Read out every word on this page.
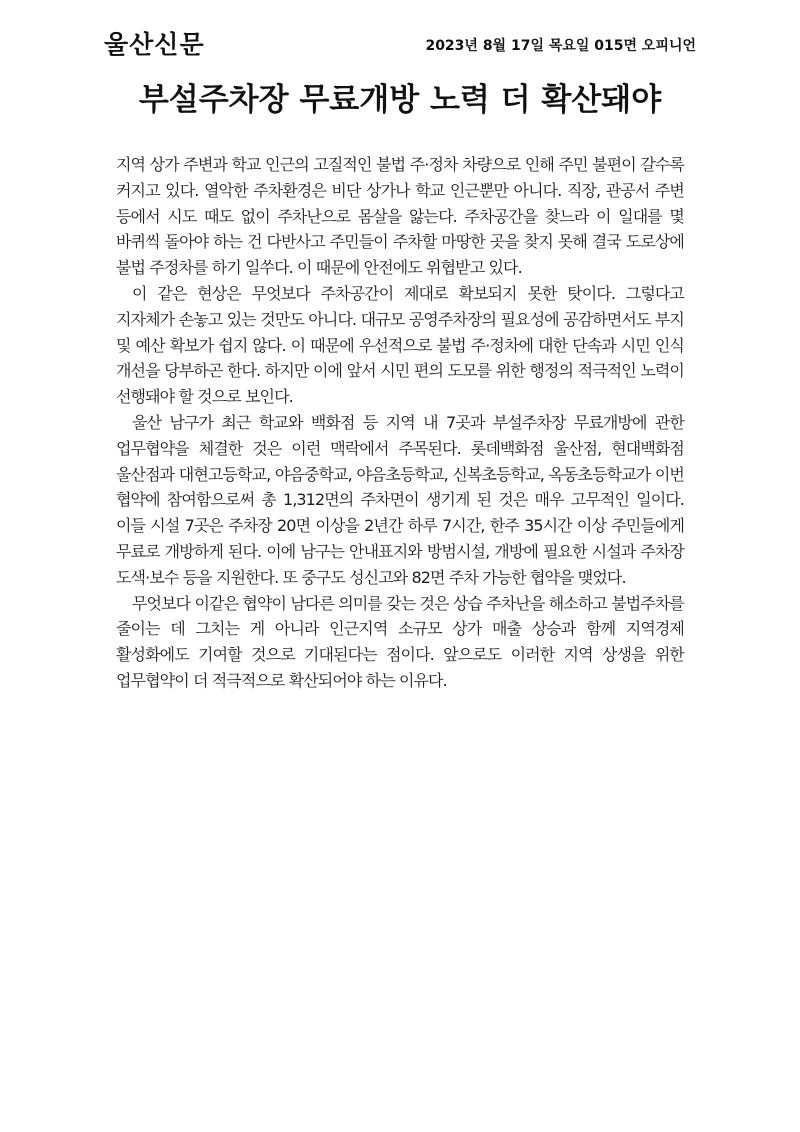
울산신문	2023년 8월 17일 목요일 015면 오피니언
부설주차장 무료개방 노력 더 확산돼야

지역 상가 주변과 학교 인근의 고질적인 불법 주·정차 차량으로 인해 주민 불편이 갈수록 커지고 있다. 열악한 주차환경은 비단 상가나 학교 인근뿐만 아니다. 직장, 관공서 주변 등에서 시도 때도 없이 주차난으로 몸살을 앓는다. 주차공간을 찾느라 이 일대를 몇 바퀴씩 돌아야 하는 건 다반사고 주민들이 주차할 마땅한 곳을 찾지 못해 결국 도로상에 불법 주정차를 하기 일쑤다. 이 때문에 안전에도 위협받고 있다.

이 같은 현상은 무엇보다 주차공간이 제대로 확보되지 못한 탓이다. 그렇다고 지자체가 손놓고 있는 것만도 아니다. 대규모 공영주차장의 필요성에 공감하면서도 부지 및 예산 확보가 쉽지 않다. 이 때문에 우선적으로 불법 주·정차에 대한 단속과 시민 인식 개선을 당부하곤 한다. 하지만 이에 앞서 시민 편의 도모를 위한 행정의 적극적인 노력이 선행돼야 할 것으로 보인다.

울산 남구가 최근 학교와 백화점 등 지역 내 7곳과 부설주차장 무료개방에 관한 업무협약을 체결한 것은 이런 맥락에서 주목된다. 롯데백화점 울산점, 현대백화점 울산점과 대현고등학교, 야음중학교, 야음초등학교, 신복초등학교, 옥동초등학교가 이번 협약에 참여함으로써 총 1,312면의 주차면이 생기게 된 것은 매우 고무적인 일이다. 이들 시설 7곳은 주차장 20면 이상을 2년간 하루 7시간, 한주 35시간 이상 주민들에게 무료로 개방하게 된다. 이에 남구는 안내표지와 방범시설, 개방에 필요한 시설과 주차장 도색·보수 등을 지원한다. 또 중구도 성신고와 82면 주차 가능한 협약을 맺었다.

무엇보다 이같은 협약이 남다른 의미를 갖는 것은 상습 주차난을 해소하고 불법주차를 줄이는 데 그치는 게 아니라 인근지역 소규모 상가 매출 상승과 함께 지역경제 활성화에도 기여할 것으로 기대된다는 점이다. 앞으로도 이러한 지역 상생을 위한 업무협약이 더 적극적으로 확산되어야 하는 이유다.
